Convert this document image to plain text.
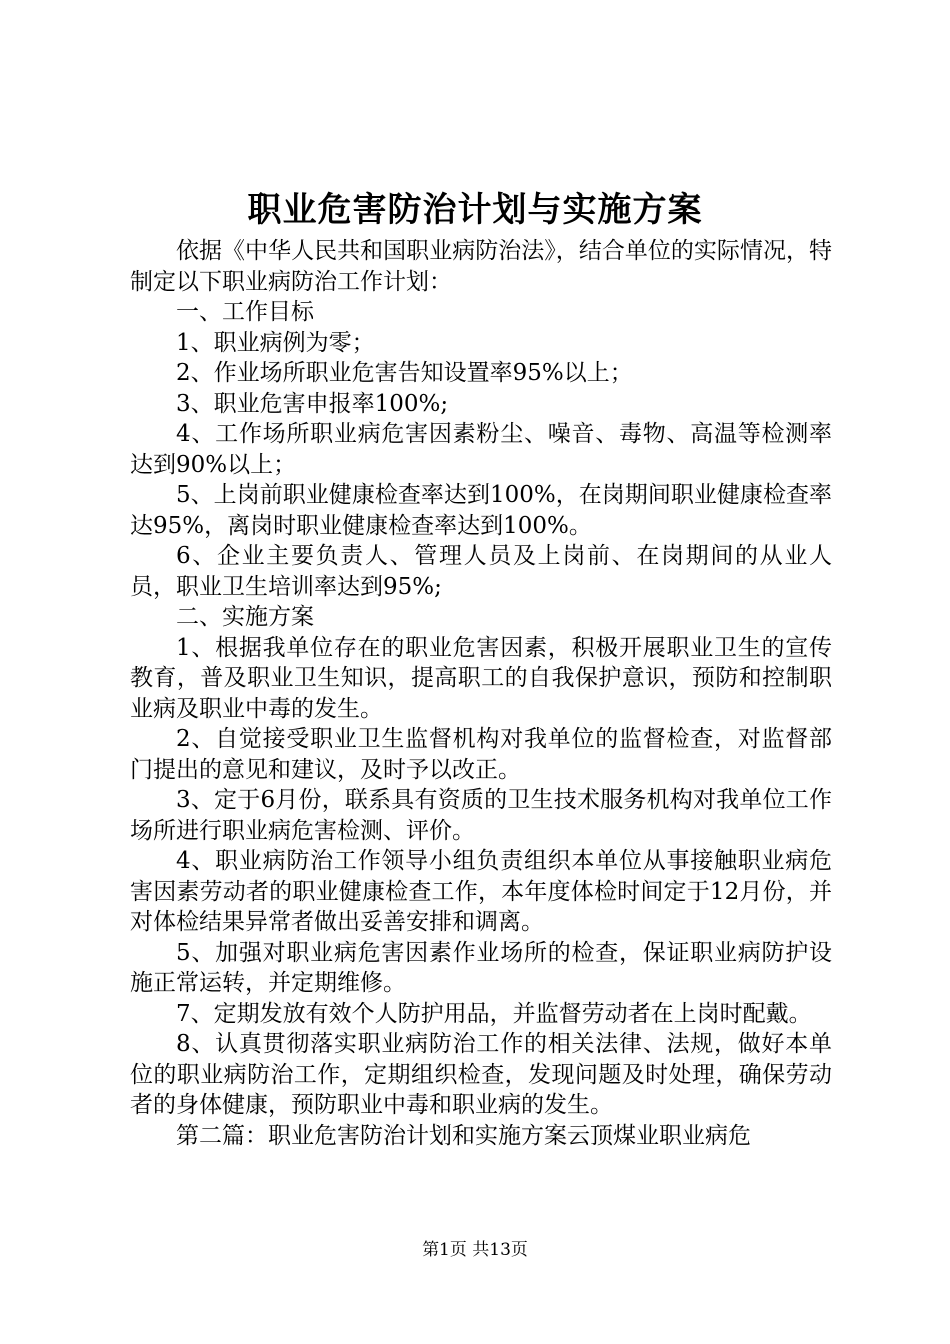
职业危害防治计划与实施方案

依据《中华人民共和国职业病防治法》，结合单位的实际情况，特制定以下职业病防治工作计划：

一、工作目标

1、职业病例为零；

2、作业场所职业危害告知设置率95%以上；

3、职业危害申报率100%;

4、工作场所职业病危害因素粉尘、噪音、毒物、高温等检测率达到90%以上；

5、上岗前职业健康检查率达到100%，在岗期间职业健康检查率达95%，离岗时职业健康检查率达到100%。

6、企业主要负责人、管理人员及上岗前、在岗期间的从业人员，职业卫生培训率达到95%;

二、实施方案

1、根据我单位存在的职业危害因素，积极开展职业卫生的宣传教育，普及职业卫生知识，提高职工的自我保护意识，预防和控制职业病及职业中毒的发生。

2、自觉接受职业卫生监督机构对我单位的监督检查，对监督部门提出的意见和建议，及时予以改正。

3、定于6月份，联系具有资质的卫生技术服务机构对我单位工作场所进行职业病危害检测、评价。

4、职业病防治工作领导小组负责组织本单位从事接触职业病危害因素劳动者的职业健康检查工作，本年度体检时间定于12月份，并对体检结果异常者做出妥善安排和调离。

5、加强对职业病危害因素作业场所的检查，保证职业病防护设施正常运转，并定期维修。

7、定期发放有效个人防护用品，并监督劳动者在上岗时配戴。

8、认真贯彻落实职业病防治工作的相关法律、法规，做好本单位的职业病防治工作，定期组织检查，发现问题及时处理，确保劳动者的身体健康，预防职业中毒和职业病的发生。

第二篇：职业危害防治计划和实施方案云顶煤业职业病危

第1页 共13页
